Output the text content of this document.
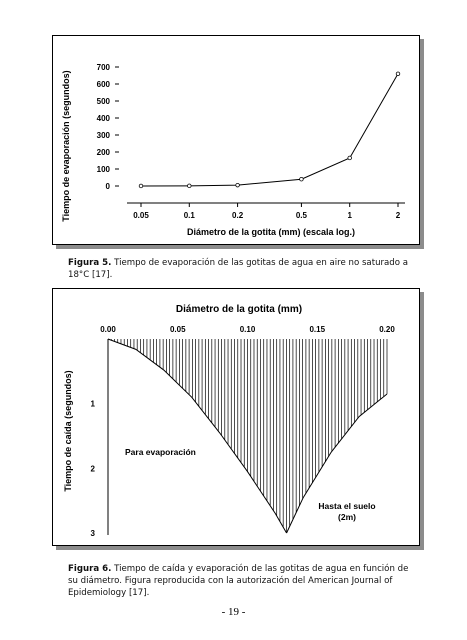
0
100
200
300
400
500
600
700
0.05	0.1	0.2	0.5	1	2
Diámetro de la gotita (mm) (escala log.)
Tiempo de evaporación (segundos)
Figura 5. Tiempo de evaporación de las gotitas de agua en aire no saturado a 18°C [17].
Diámetro de la gotita (mm)
0.00	0.05	0.10	0.15	0.20
1
2
3
Tiempo de caída (segundos)	Para evaporación
Hasta el suelo
(2m)
Figura 6. Tiempo de caída y evaporación de las gotitas de agua en función de su diámetro. Figura reproducida con la autorización del American Journal of Epidemiology [17].
- 19 -
